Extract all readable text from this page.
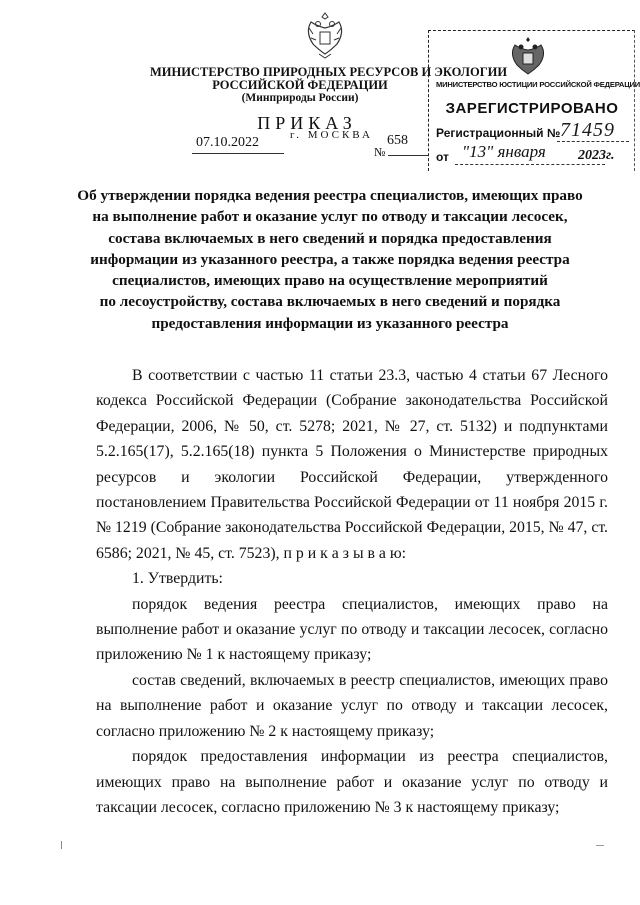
МИНИСТЕРСТВО ПРИРОДНЫХ РЕСУРСОВ И ЭКОЛОГИИ
РОССИЙСКОЙ ФЕДЕРАЦИИ
(Минприроды России)
ПРИКАЗ
07.10.2022	г. МОСКВА
№
658
МИНИСТЕРСТВО ЮСТИЦИИ РОССИЙСКОЙ ФЕДЕРАЦИИ
ЗАРЕГИСТРИРОВАНО
Регистрационный № 71459
от "13" января 2023г.
Об утверждении порядка ведения реестра специалистов, имеющих право
на выполнение работ и оказание услуг по отводу и таксации лесосек,
состава включаемых в него сведений и порядка предоставления
информации из указанного реестра, а также порядка ведения реестра
специалистов, имеющих право на осуществление мероприятий
по лесоустройству, состава включаемых в него сведений и порядка
предоставления информации из указанного реестра

В соответствии с частью 11 статьи 23.3, частью 4 статьи 67 Лесного кодекса Российской Федерации (Собрание законодательства Российской Федерации, 2006, № 50, ст. 5278; 2021, № 27, ст. 5132) и подпунктами 5.2.165(17), 5.2.165(18) пункта 5 Положения о Министерстве природных ресурсов и экологии Российской Федерации, утвержденного постановлением Правительства Российской Федерации от 11 ноября 2015 г. № 1219 (Собрание законодательства Российской Федерации, 2015, № 47, ст. 6586; 2021, № 45, ст. 7523), п р и к а з ы в а ю:

1. Утвердить:

порядок ведения реестра специалистов, имеющих право на выполнение работ и оказание услуг по отводу и таксации лесосек, согласно приложению № 1 к настоящему приказу;

состав сведений, включаемых в реестр специалистов, имеющих право на выполнение работ и оказание услуг по отводу и таксации лесосек, согласно приложению № 2 к настоящему приказу;

порядок предоставления информации из реестра специалистов, имеющих право на выполнение работ и оказание услуг по отводу и таксации лесосек, согласно приложению № 3 к настоящему приказу;
